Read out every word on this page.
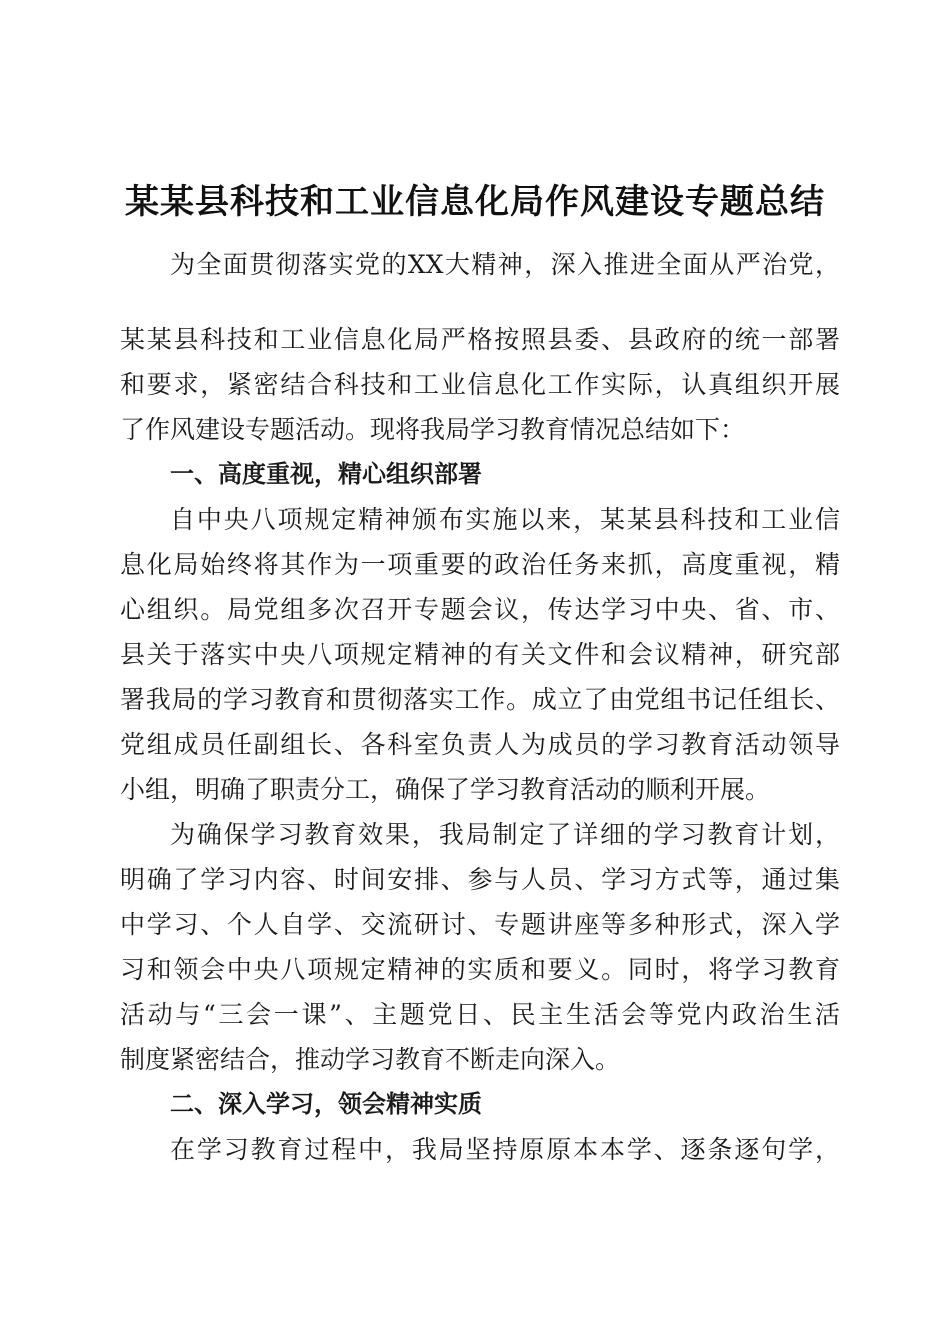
某某县科技和工业信息化局作风建设专题总结
为全面贯彻落实党的XX大精神，深入推进全面从严治党，
某某县科技和工业信息化局严格按照县委、县政府的统一部署
和要求，紧密结合科技和工业信息化工作实际，认真组织开展
了作风建设专题活动。现将我局学习教育情况总结如下：
一、高度重视，精心组织部署
自中央八项规定精神颁布实施以来，某某县科技和工业信
息化局始终将其作为一项重要的政治任务来抓，高度重视，精
心组织。局党组多次召开专题会议，传达学习中央、省、市、
县关于落实中央八项规定精神的有关文件和会议精神，研究部
署我局的学习教育和贯彻落实工作。成立了由党组书记任组长、
党组成员任副组长、各科室负责人为成员的学习教育活动领导
小组，明确了职责分工，确保了学习教育活动的顺利开展。
为确保学习教育效果，我局制定了详细的学习教育计划，
明确了学习内容、时间安排、参与人员、学习方式等，通过集
中学习、个人自学、交流研讨、专题讲座等多种形式，深入学
习和领会中央八项规定精神的实质和要义。同时，将学习教育
活动与“三会一课”、主题党日、民主生活会等党内政治生活
制度紧密结合，推动学习教育不断走向深入。
二、深入学习，领会精神实质
在学习教育过程中，我局坚持原原本本学、逐条逐句学，
